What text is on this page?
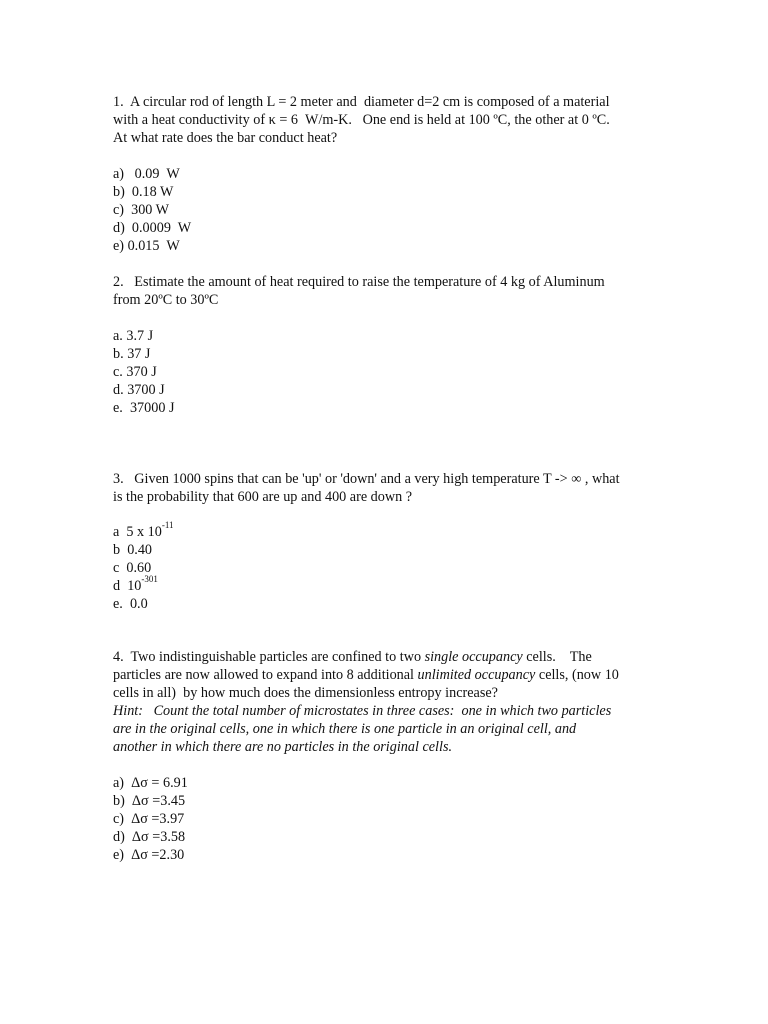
1.  A circular rod of length L = 2 meter and  diameter d=2 cm is composed of a material
with a heat conductivity of κ = 6  W/m-K.   One end is held at 100 ºC, the other at 0 ºC.
At what rate does the bar conduct heat?
a)   0.09  W
b)  0.18 W
c)  300 W
d)  0.0009  W
e) 0.015  W
2.   Estimate the amount of heat required to raise the temperature of 4 kg of Aluminum
from 20ºC to 30ºC
a. 3.7 J
b. 37 J
c. 370 J
d. 3700 J
e.  37000 J
3.   Given 1000 spins that can be 'up' or 'down' and a very high temperature T -> ∞ , what
is the probability that 600 are up and 400 are down ?
a  5 x $10^{-11}$
b  0.40
c  0.60
d  $10^{-301}$
e.  0.0
4.  Two indistinguishable particles are confined to two single occupancy cells.    The
particles are now allowed to expand into 8 additional unlimited occupancy cells, (now 10
cells in all)  by how much does the dimensionless entropy increase?
Hint:   Count the total number of microstates in three cases:  one in which two particles
are in the original cells, one in which there is one particle in an original cell, and
another in which there are no particles in the original cells.
a)  Δσ = 6.91
b)  Δσ =3.45
c)  Δσ =3.97
d)  Δσ =3.58
e)  Δσ =2.30
